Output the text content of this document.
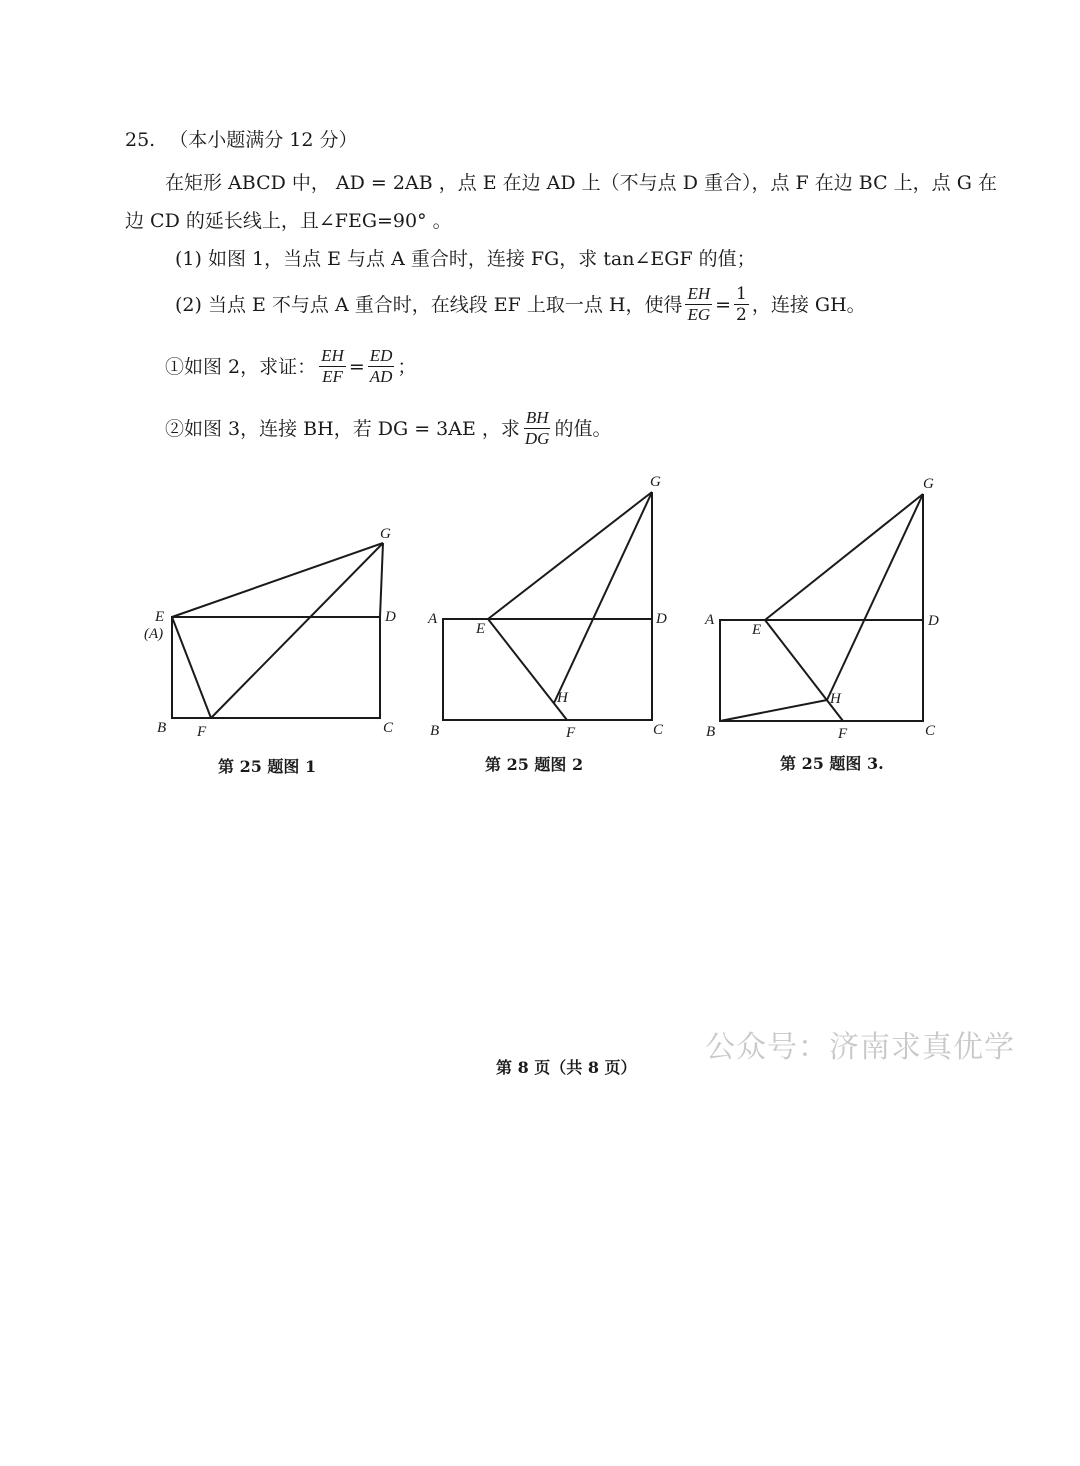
25. （本小题满分 12 分）
在矩形 ABCD 中， AD = 2AB ，点 E 在边 AD 上（不与点 D 重合），点 F 在边 BC 上，点 G 在
边 CD 的延长线上，且∠FEG=90° 。
(1) 如图 1，当点 E 与点 A 重合时，连接 FG，求 tan∠EGF 的值；
(2) 当点 E 不与点 A 重合时，在线段 EF 上取一点 H，使得 $\frac{EH}{EG} = \frac{1}{2}$ ，连接 GH。
①如图 2，求证： $\frac{EH}{EF} = \frac{ED}{AD}$ ；
②如图 3，连接 BH，若 DG = 3AE ，求 $\frac{BH}{DG}$ 的值。
E
(A)
D
G
B F	C
A
E
D
G
H
B	F	C
A
E
D
G
H
B	F	C
第 25 题图 1	第 25 题图 2	第 25 题图 3.
公众号：济南求真优学
第 8 页（共 8 页）
